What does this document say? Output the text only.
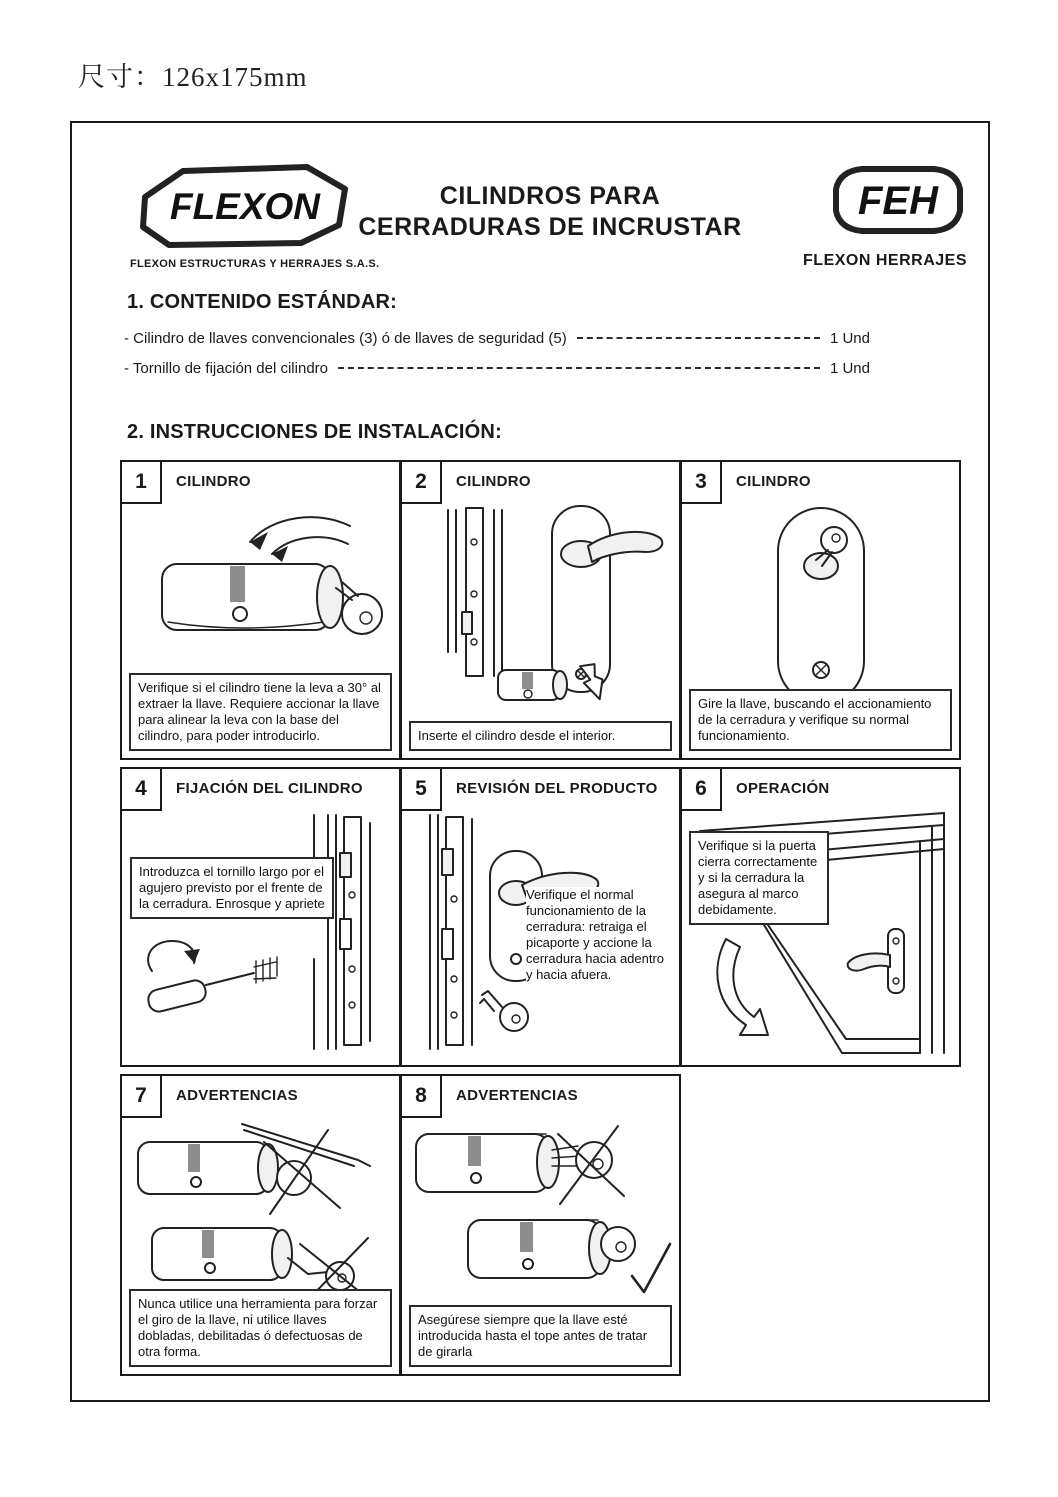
尺寸：126x175mm
FLEXON
FLEXON ESTRUCTURAS Y HERRAJES S.A.S.
CILINDROS PARA
CERRADURAS DE INCRUSTAR
FEH
FLEXON HERRAJES
1. CONTENIDO ESTÁNDAR:
- Cilindro de llaves convencionales (3) ó de llaves de seguridad (5)	1 Und
- Tornillo de fijación del cilindro	1 Und
2. INSTRUCCIONES DE INSTALACIÓN:
1	CILINDRO
Verifique si el cilindro tiene la leva a 30° al extraer la llave. Requiere accionar la llave para alinear la leva con la base del cilindro, para poder introducirlo.
2	CILINDRO
Inserte el cilindro desde el interior.
3	CILINDRO
Gire la llave, buscando el accionamiento de la cerradura y verifique su normal funcionamiento.
4	FIJACIÓN DEL CILINDRO
Introduzca el tornillo largo por el agujero previsto por el frente de la cerradura. Enrosque y apriete
5	REVISIÓN DEL PRODUCTO
Verifique el normal funcionamiento de la cerradura: retraiga el picaporte y accione la cerradura hacia adentro y hacia afuera.
6	OPERACIÓN
Verifique si la puerta cierra correctamente y si la cerradura la asegura al marco debidamente.
7	ADVERTENCIAS
Nunca utilice una herramienta para forzar el giro de la llave, ni utilice llaves dobladas, debilitadas ó defectuosas de otra forma.
8	ADVERTENCIAS
Asegúrese siempre que la llave esté introducida hasta el tope antes de tratar de girarla
